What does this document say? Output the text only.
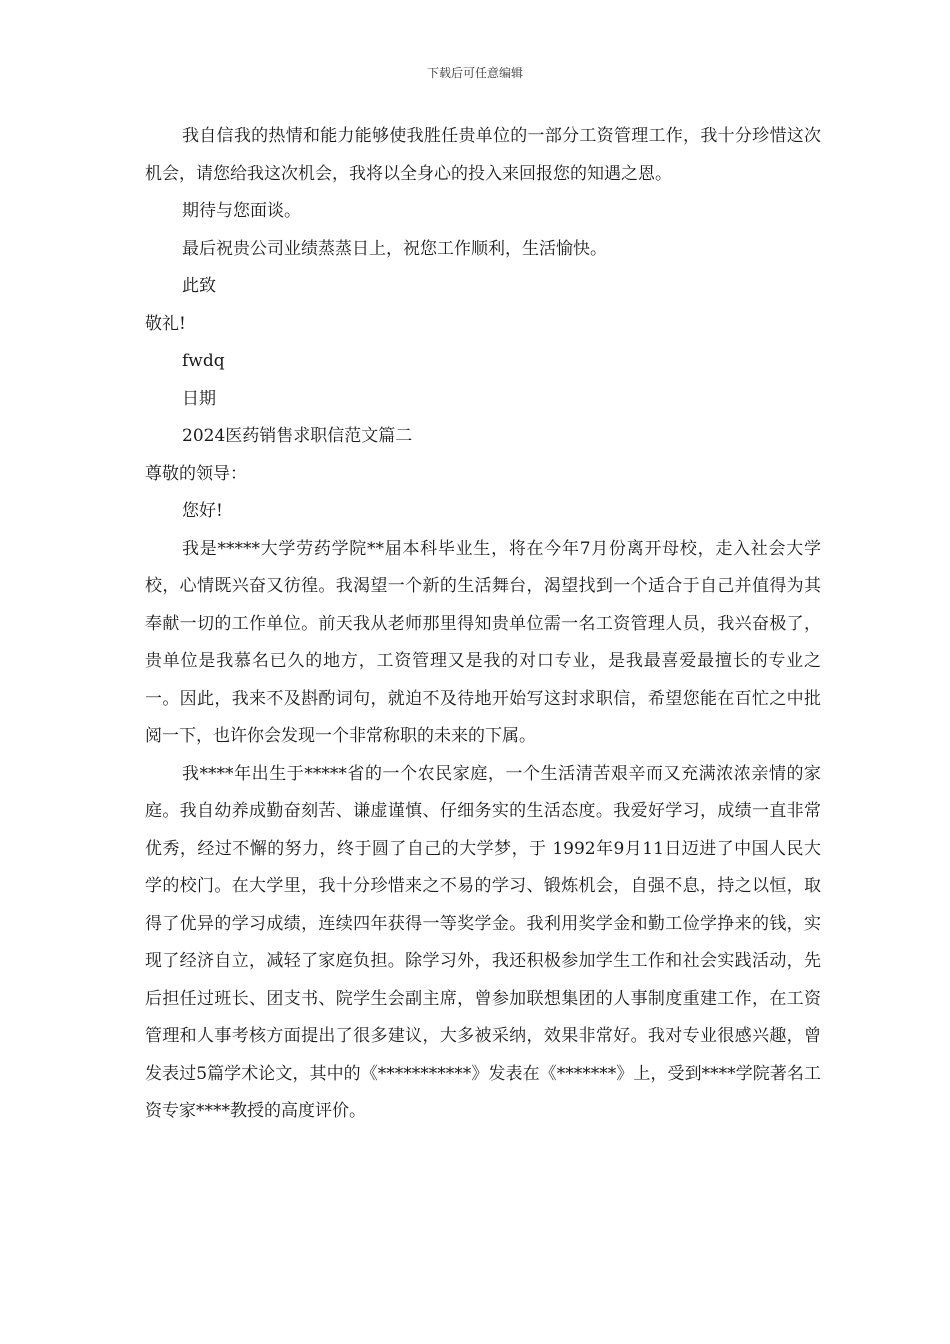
下载后可任意编辑

我自信我的热情和能力能够使我胜任贵单位的一部分工资管理工作，我十分珍惜这次机会，请您给我这次机会，我将以全身心的投入来回报您的知遇之恩。

期待与您面谈。

最后祝贵公司业绩蒸蒸日上，祝您工作顺利，生活愉快。

此致

敬礼!

fwdq

日期

2024医药销售求职信范文篇二

尊敬的领导：

您好!

我是*****大学劳药学院**届本科毕业生，将在今年7月份离开母校，走入社会大学校，心情既兴奋又彷徨。我渴望一个新的生活舞台，渴望找到一个适合于自己并值得为其奉献一切的工作单位。前天我从老师那里得知贵单位需一名工资管理人员，我兴奋极了，贵单位是我慕名已久的地方，工资管理又是我的对口专业，是我最喜爱最擅长的专业之一。因此，我来不及斟酌词句，就迫不及待地开始写这封求职信，希望您能在百忙之中批阅一下，也许你会发现一个非常称职的未来的下属。

我****年出生于*****省的一个农民家庭，一个生活清苦艰辛而又充满浓浓亲情的家庭。我自幼养成勤奋刻苦、谦虚谨慎、仔细务实的生活态度。我爱好学习，成绩一直非常优秀，经过不懈的努力，终于圆了自己的大学梦，于 1992年9月11日迈进了中国人民大学的校门。在大学里，我十分珍惜来之不易的学习、锻炼机会，自强不息，持之以恒，取得了优异的学习成绩，连续四年获得一等奖学金。我利用奖学金和勤工俭学挣来的钱，实现了经济自立，减轻了家庭负担。除学习外，我还积极参加学生工作和社会实践活动，先后担任过班长、团支书、院学生会副主席，曾参加联想集团的人事制度重建工作，在工资管理和人事考核方面提出了很多建议，大多被采纳，效果非常好。我对专业很感兴趣，曾发表过5篇学术论文，其中的《***********》发表在《*******》上，受到****学院著名工资专家****教授的高度评价。
